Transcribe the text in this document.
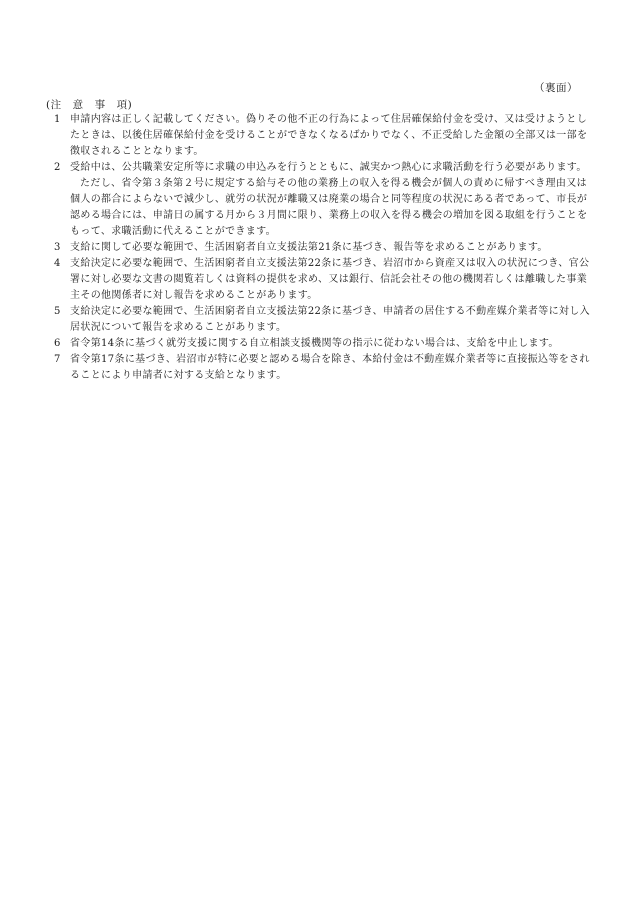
（裏面）
(注　意　事　項)
1 申請内容は正しく記載してください。偽りその他不正の行為によって住居確保給付金を受け、又は受けようとしたときは、以後住居確保給付金を受けることができなくなるばかりでなく、不正受給した金額の全部又は一部を徴収されることとなります。
2 受給中は、公共職業安定所等に求職の申込みを行うとともに、誠実かつ熱心に求職活動を行う必要があります。
ただし、省令第３条第２号に規定する給与その他の業務上の収入を得る機会が個人の責めに帰すべき理由又は個人の都合によらないで減少し、就労の状況が離職又は廃業の場合と同等程度の状況にある者であって、市長が認める場合には、申請日の属する月から３月間に限り、業務上の収入を得る機会の増加を図る取組を行うことをもって、求職活動に代えることができます。
3 支給に関して必要な範囲で、生活困窮者自立支援法第21条に基づき、報告等を求めることがあります。
4 支給決定に必要な範囲で、生活困窮者自立支援法第22条に基づき、岩沼市から資産又は収入の状況につき、官公署に対し必要な文書の閲覧若しくは資料の提供を求め、又は銀行、信託会社その他の機関若しくは離職した事業主その他関係者に対し報告を求めることがあります。
5 支給決定に必要な範囲で、生活困窮者自立支援法第22条に基づき、申請者の居住する不動産媒介業者等に対し入居状況について報告を求めることがあります。
6 省令第14条に基づく就労支援に関する自立相談支援機関等の指示に従わない場合は、支給を中止します。
7 省令第17条に基づき、岩沼市が特に必要と認める場合を除き、本給付金は不動産媒介業者等に直接振込等をされることにより申請者に対する支給となります。
